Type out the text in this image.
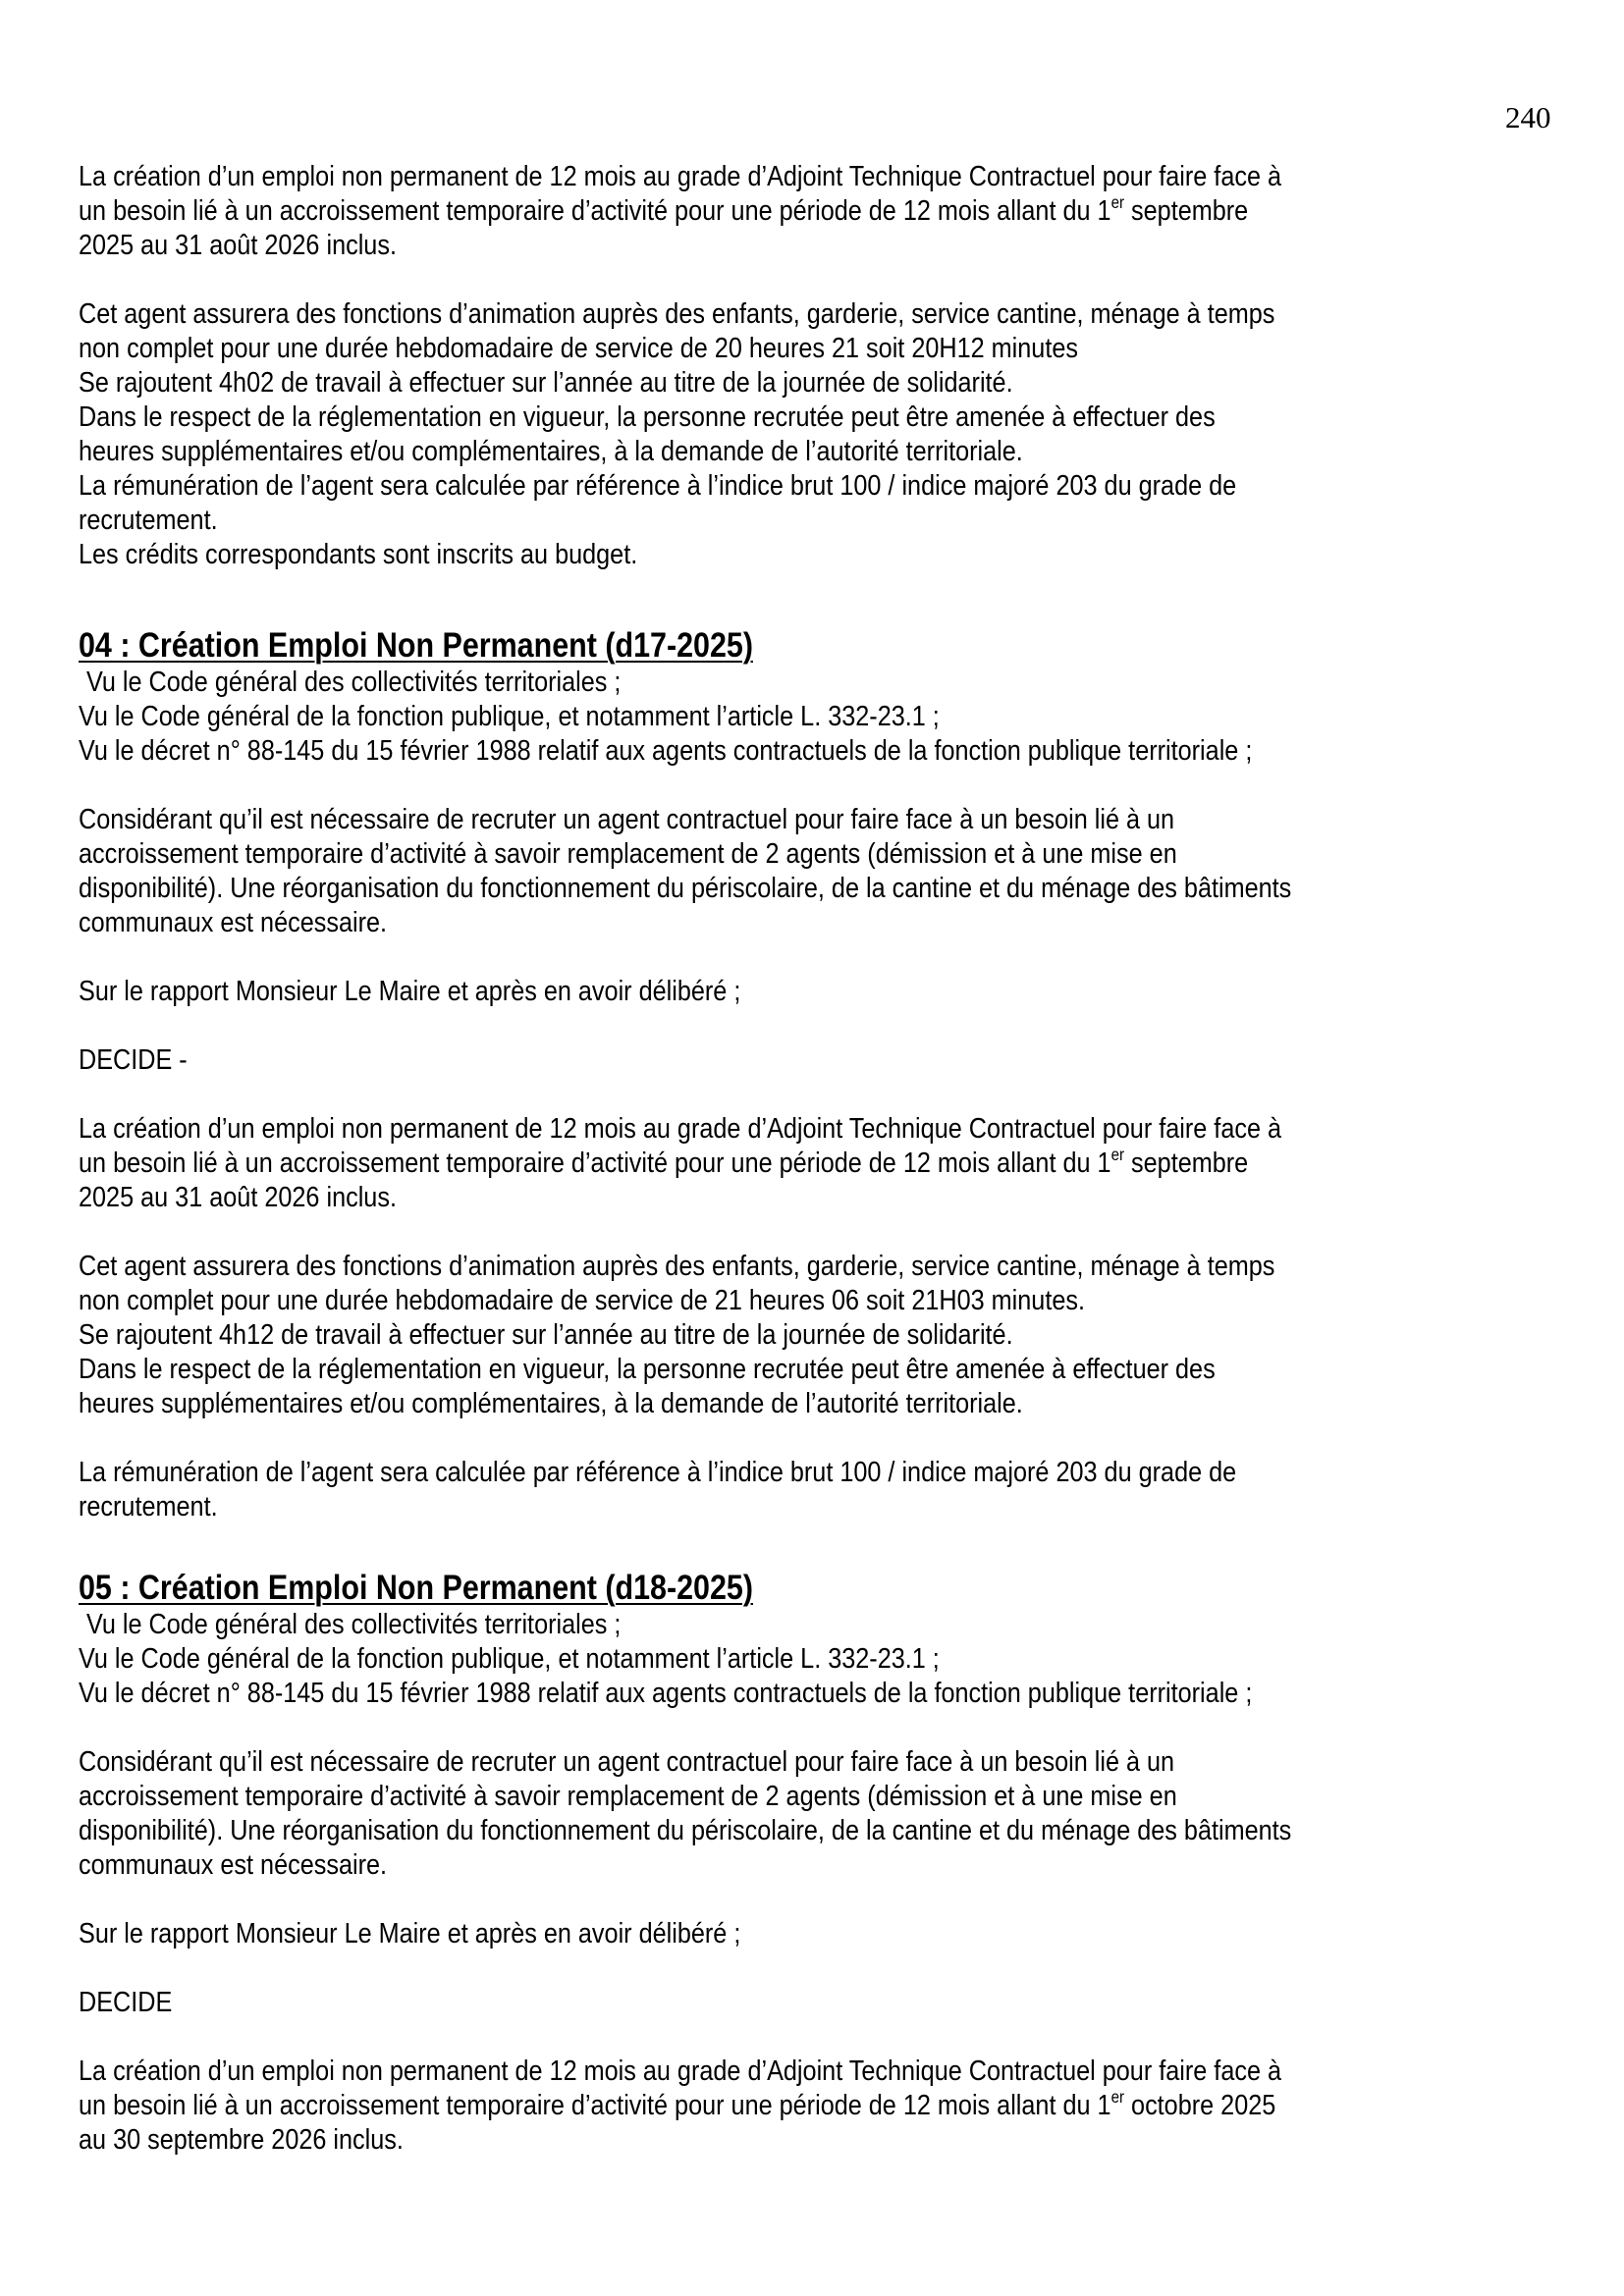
240
La création d’un emploi non permanent de 12 mois au grade d’Adjoint Technique Contractuel pour faire face à
un besoin lié à un accroissement temporaire d’activité pour une période de 12 mois allant du 1er septembre
2025 au 31 août 2026 inclus.
Cet agent assurera des fonctions d’animation auprès des enfants, garderie, service cantine, ménage à temps
non complet pour une durée hebdomadaire de service de 20 heures 21 soit 20H12 minutes
Se rajoutent 4h02 de travail à effectuer sur l’année au titre de la journée de solidarité.
Dans le respect de la réglementation en vigueur, la personne recrutée peut être amenée à effectuer des
heures supplémentaires et/ou complémentaires, à la demande de l’autorité territoriale.
La rémunération de l’agent sera calculée par référence à l’indice brut 100 / indice majoré 203 du grade de
recrutement.
Les crédits correspondants sont inscrits au budget.
04 : Création Emploi Non Permanent (d17-2025)
Vu le Code général des collectivités territoriales ;
Vu le Code général de la fonction publique, et notamment l’article L. 332-23.1 ;
Vu le décret n° 88-145 du 15 février 1988 relatif aux agents contractuels de la fonction publique territoriale ;
Considérant qu’il est nécessaire de recruter un agent contractuel pour faire face à un besoin lié à un
accroissement temporaire d’activité à savoir remplacement de 2 agents (démission et à une mise en
disponibilité). Une réorganisation du fonctionnement du périscolaire, de la cantine et du ménage des bâtiments
communaux est nécessaire.
Sur le rapport Monsieur Le Maire et après en avoir délibéré ;
DECIDE -
La création d’un emploi non permanent de 12 mois au grade d’Adjoint Technique Contractuel pour faire face à
un besoin lié à un accroissement temporaire d’activité pour une période de 12 mois allant du 1er septembre
2025 au 31 août 2026 inclus.
Cet agent assurera des fonctions d’animation auprès des enfants, garderie, service cantine, ménage à temps
non complet pour une durée hebdomadaire de service de 21 heures 06 soit 21H03 minutes.
Se rajoutent 4h12 de travail à effectuer sur l’année au titre de la journée de solidarité.
Dans le respect de la réglementation en vigueur, la personne recrutée peut être amenée à effectuer des
heures supplémentaires et/ou complémentaires, à la demande de l’autorité territoriale.
La rémunération de l’agent sera calculée par référence à l’indice brut 100 / indice majoré 203 du grade de
recrutement.
05 : Création Emploi Non Permanent (d18-2025)
Vu le Code général des collectivités territoriales ;
Vu le Code général de la fonction publique, et notamment l’article L. 332-23.1 ;
Vu le décret n° 88-145 du 15 février 1988 relatif aux agents contractuels de la fonction publique territoriale ;
Considérant qu’il est nécessaire de recruter un agent contractuel pour faire face à un besoin lié à un
accroissement temporaire d’activité à savoir remplacement de 2 agents (démission et à une mise en
disponibilité). Une réorganisation du fonctionnement du périscolaire, de la cantine et du ménage des bâtiments
communaux est nécessaire.
Sur le rapport Monsieur Le Maire et après en avoir délibéré ;
DECIDE
La création d’un emploi non permanent de 12 mois au grade d’Adjoint Technique Contractuel pour faire face à
un besoin lié à un accroissement temporaire d’activité pour une période de 12 mois allant du 1er octobre 2025
au 30 septembre 2026 inclus.
